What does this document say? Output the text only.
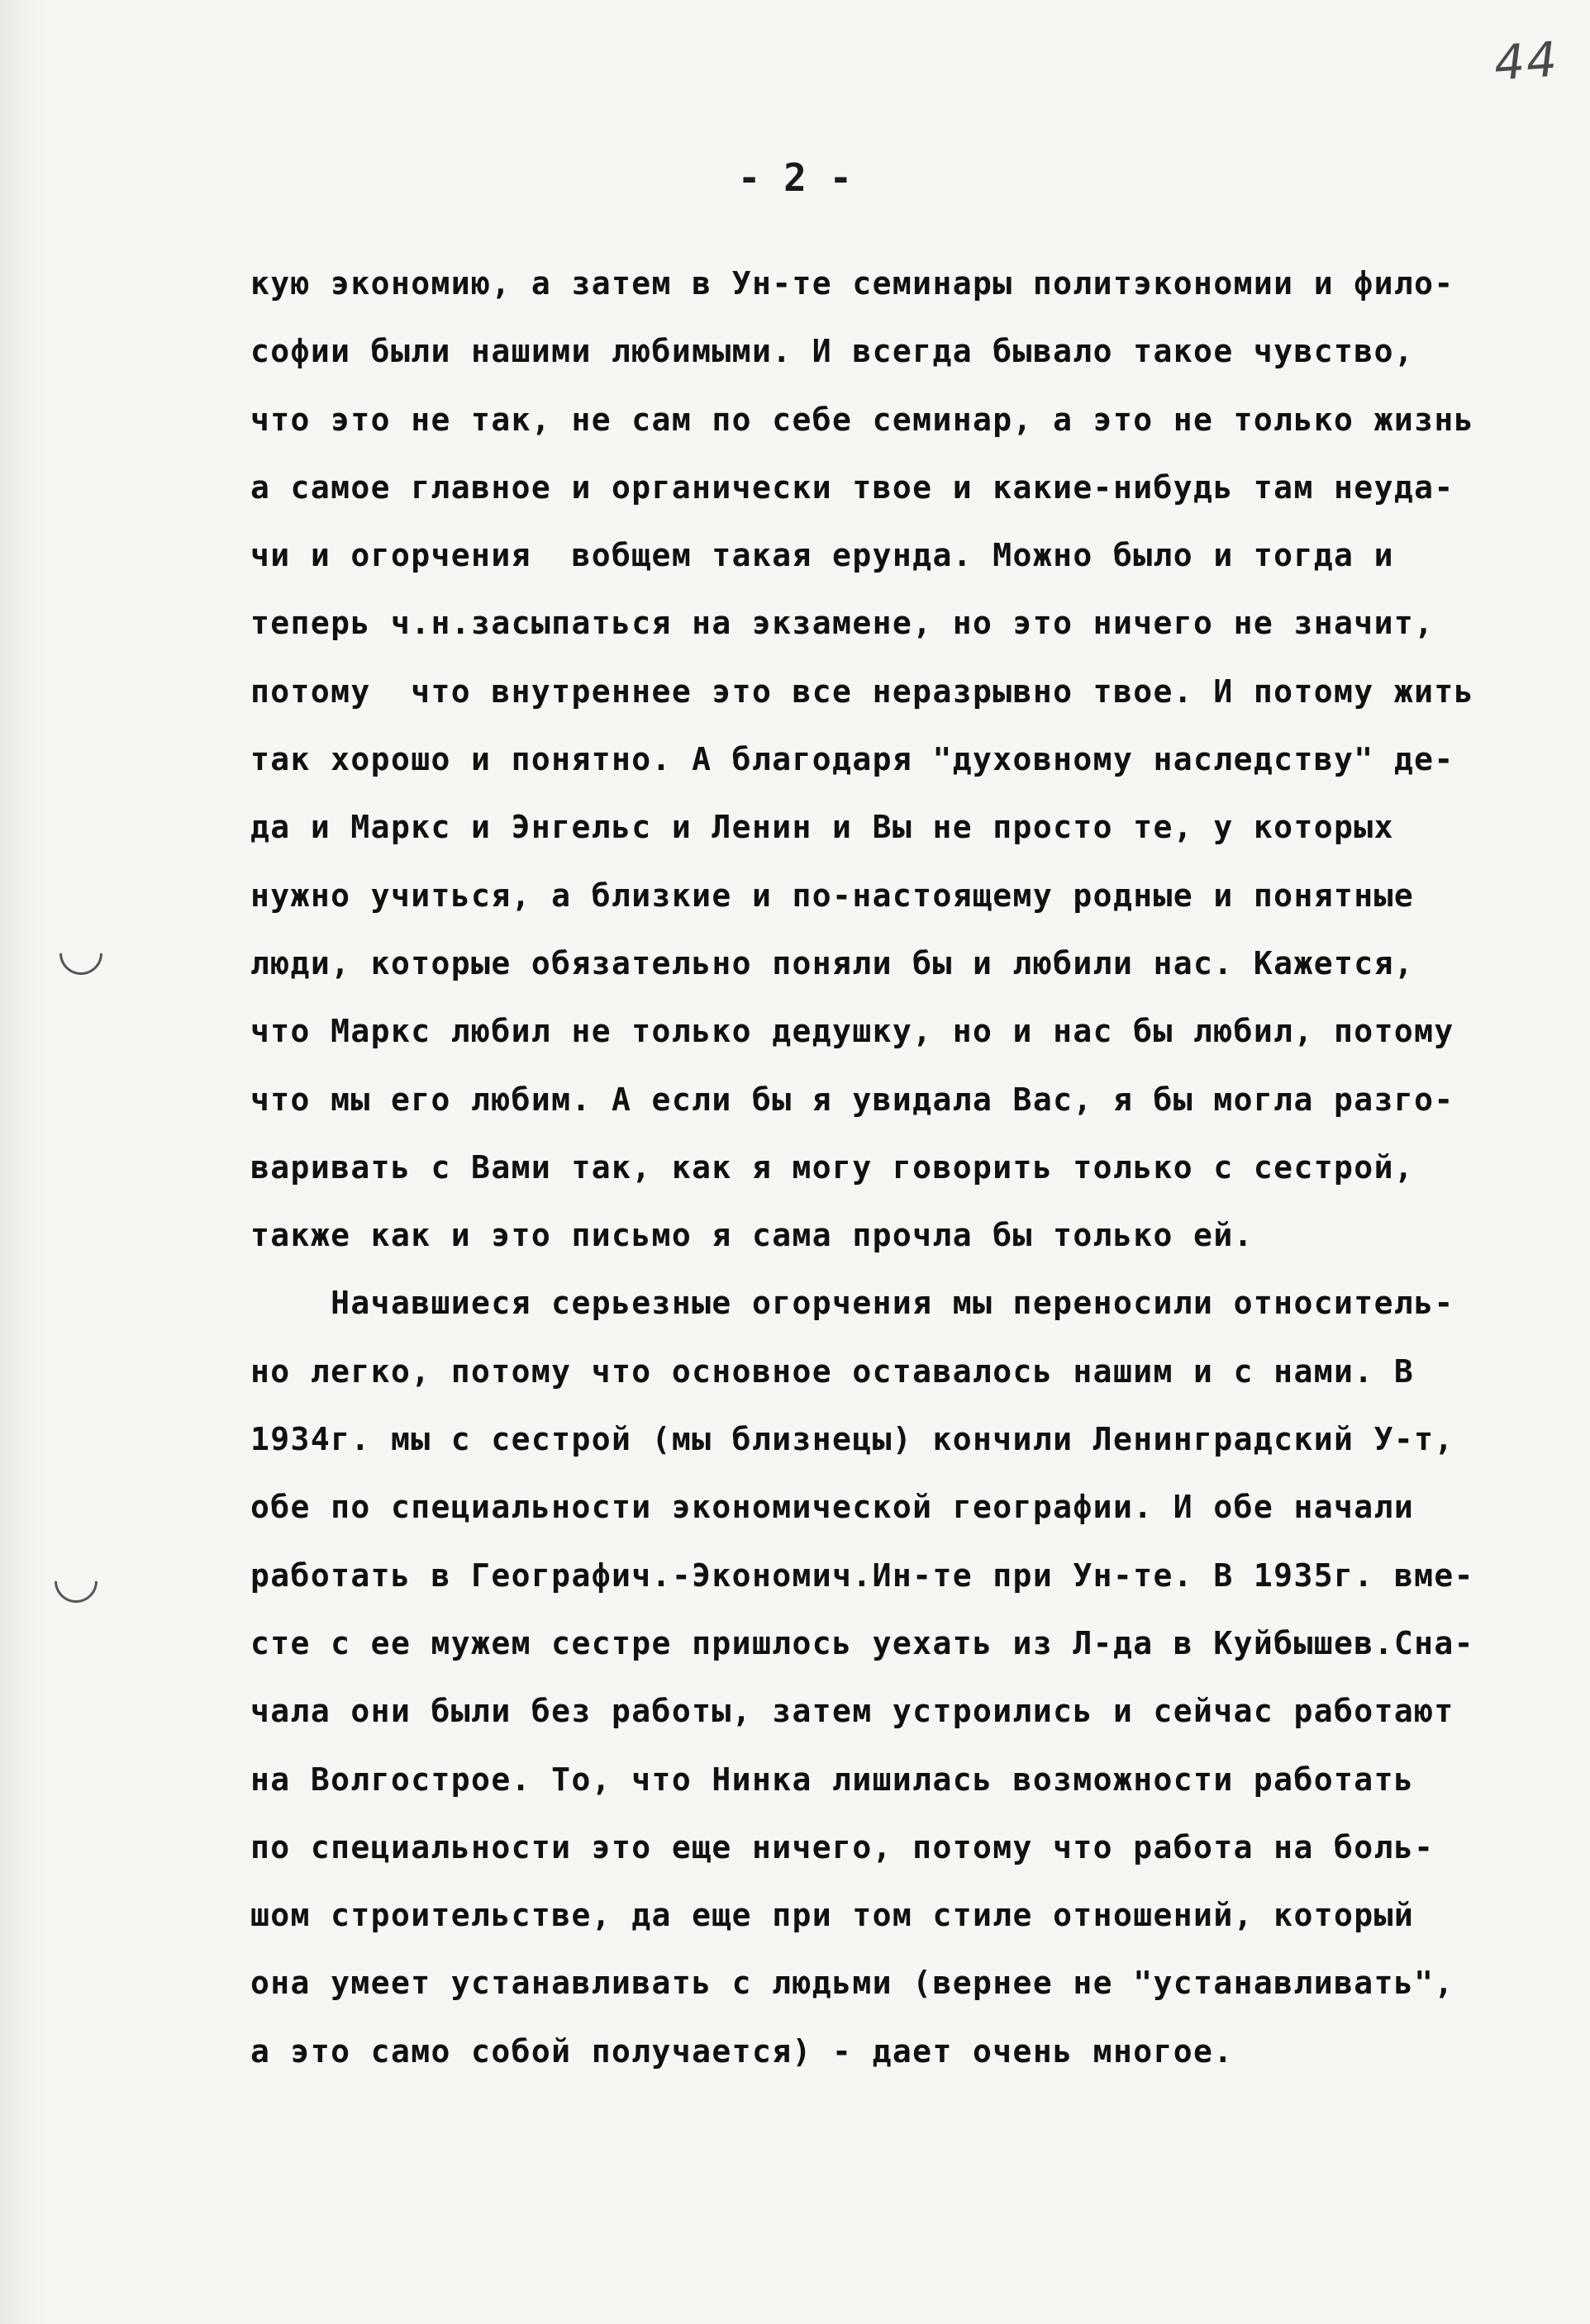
44
- 2 -
кую экономию, а затем в Ун-те семинары политэкономии и фило-
софии были нашими любимыми. И всегда бывало такое чувство,
что это не так, не сам по себе семинар, а это не только жизнь
а самое главное и органически твое и какие-нибудь там неуда-
чи и огорчения  вобщем такая ерунда. Можно было и тогда и
теперь ч.н.засыпаться на экзамене, но это ничего не значит,
потому  что внутреннее это все неразрывно твое. И потому жить
так хорошо и понятно. А благодаря "духовному наследству" де-
да и Маркс и Энгельс и Ленин и Вы не просто те, у которых
нужно учиться, а близкие и по-настоящему родные и понятные
люди, которые обязательно поняли бы и любили нас. Кажется,
что Маркс любил не только дедушку, но и нас бы любил, потому
что мы его любим. А если бы я увидала Вас, я бы могла разго-
варивать с Вами так, как я могу говорить только с сестрой,
также как и это письмо я сама прочла бы только ей.
Начавшиеся серьезные огорчения мы переносили относитель-
но легко, потому что основное оставалось нашим и с нами. В
1934г. мы с сестрой (мы близнецы) кончили Ленинградский У-т,
обе по специальности экономической географии. И обе начали
работать в Географич.-Экономич.Ин-те при Ун-те. В 1935г. вме-
сте с ее мужем сестре пришлось уехать из Л-да в Куйбышев.Сна-
чала они были без работы, затем устроились и сейчас работают
на Волгострое. То, что Нинка лишилась возможности работать
по специальности это еще ничего, потому что работа на боль-
шом строительстве, да еще при том стиле отношений, который
она умеет устанавливать с людьми (вернее не "устанавливать",
а это само собой получается) - дает очень многое.
